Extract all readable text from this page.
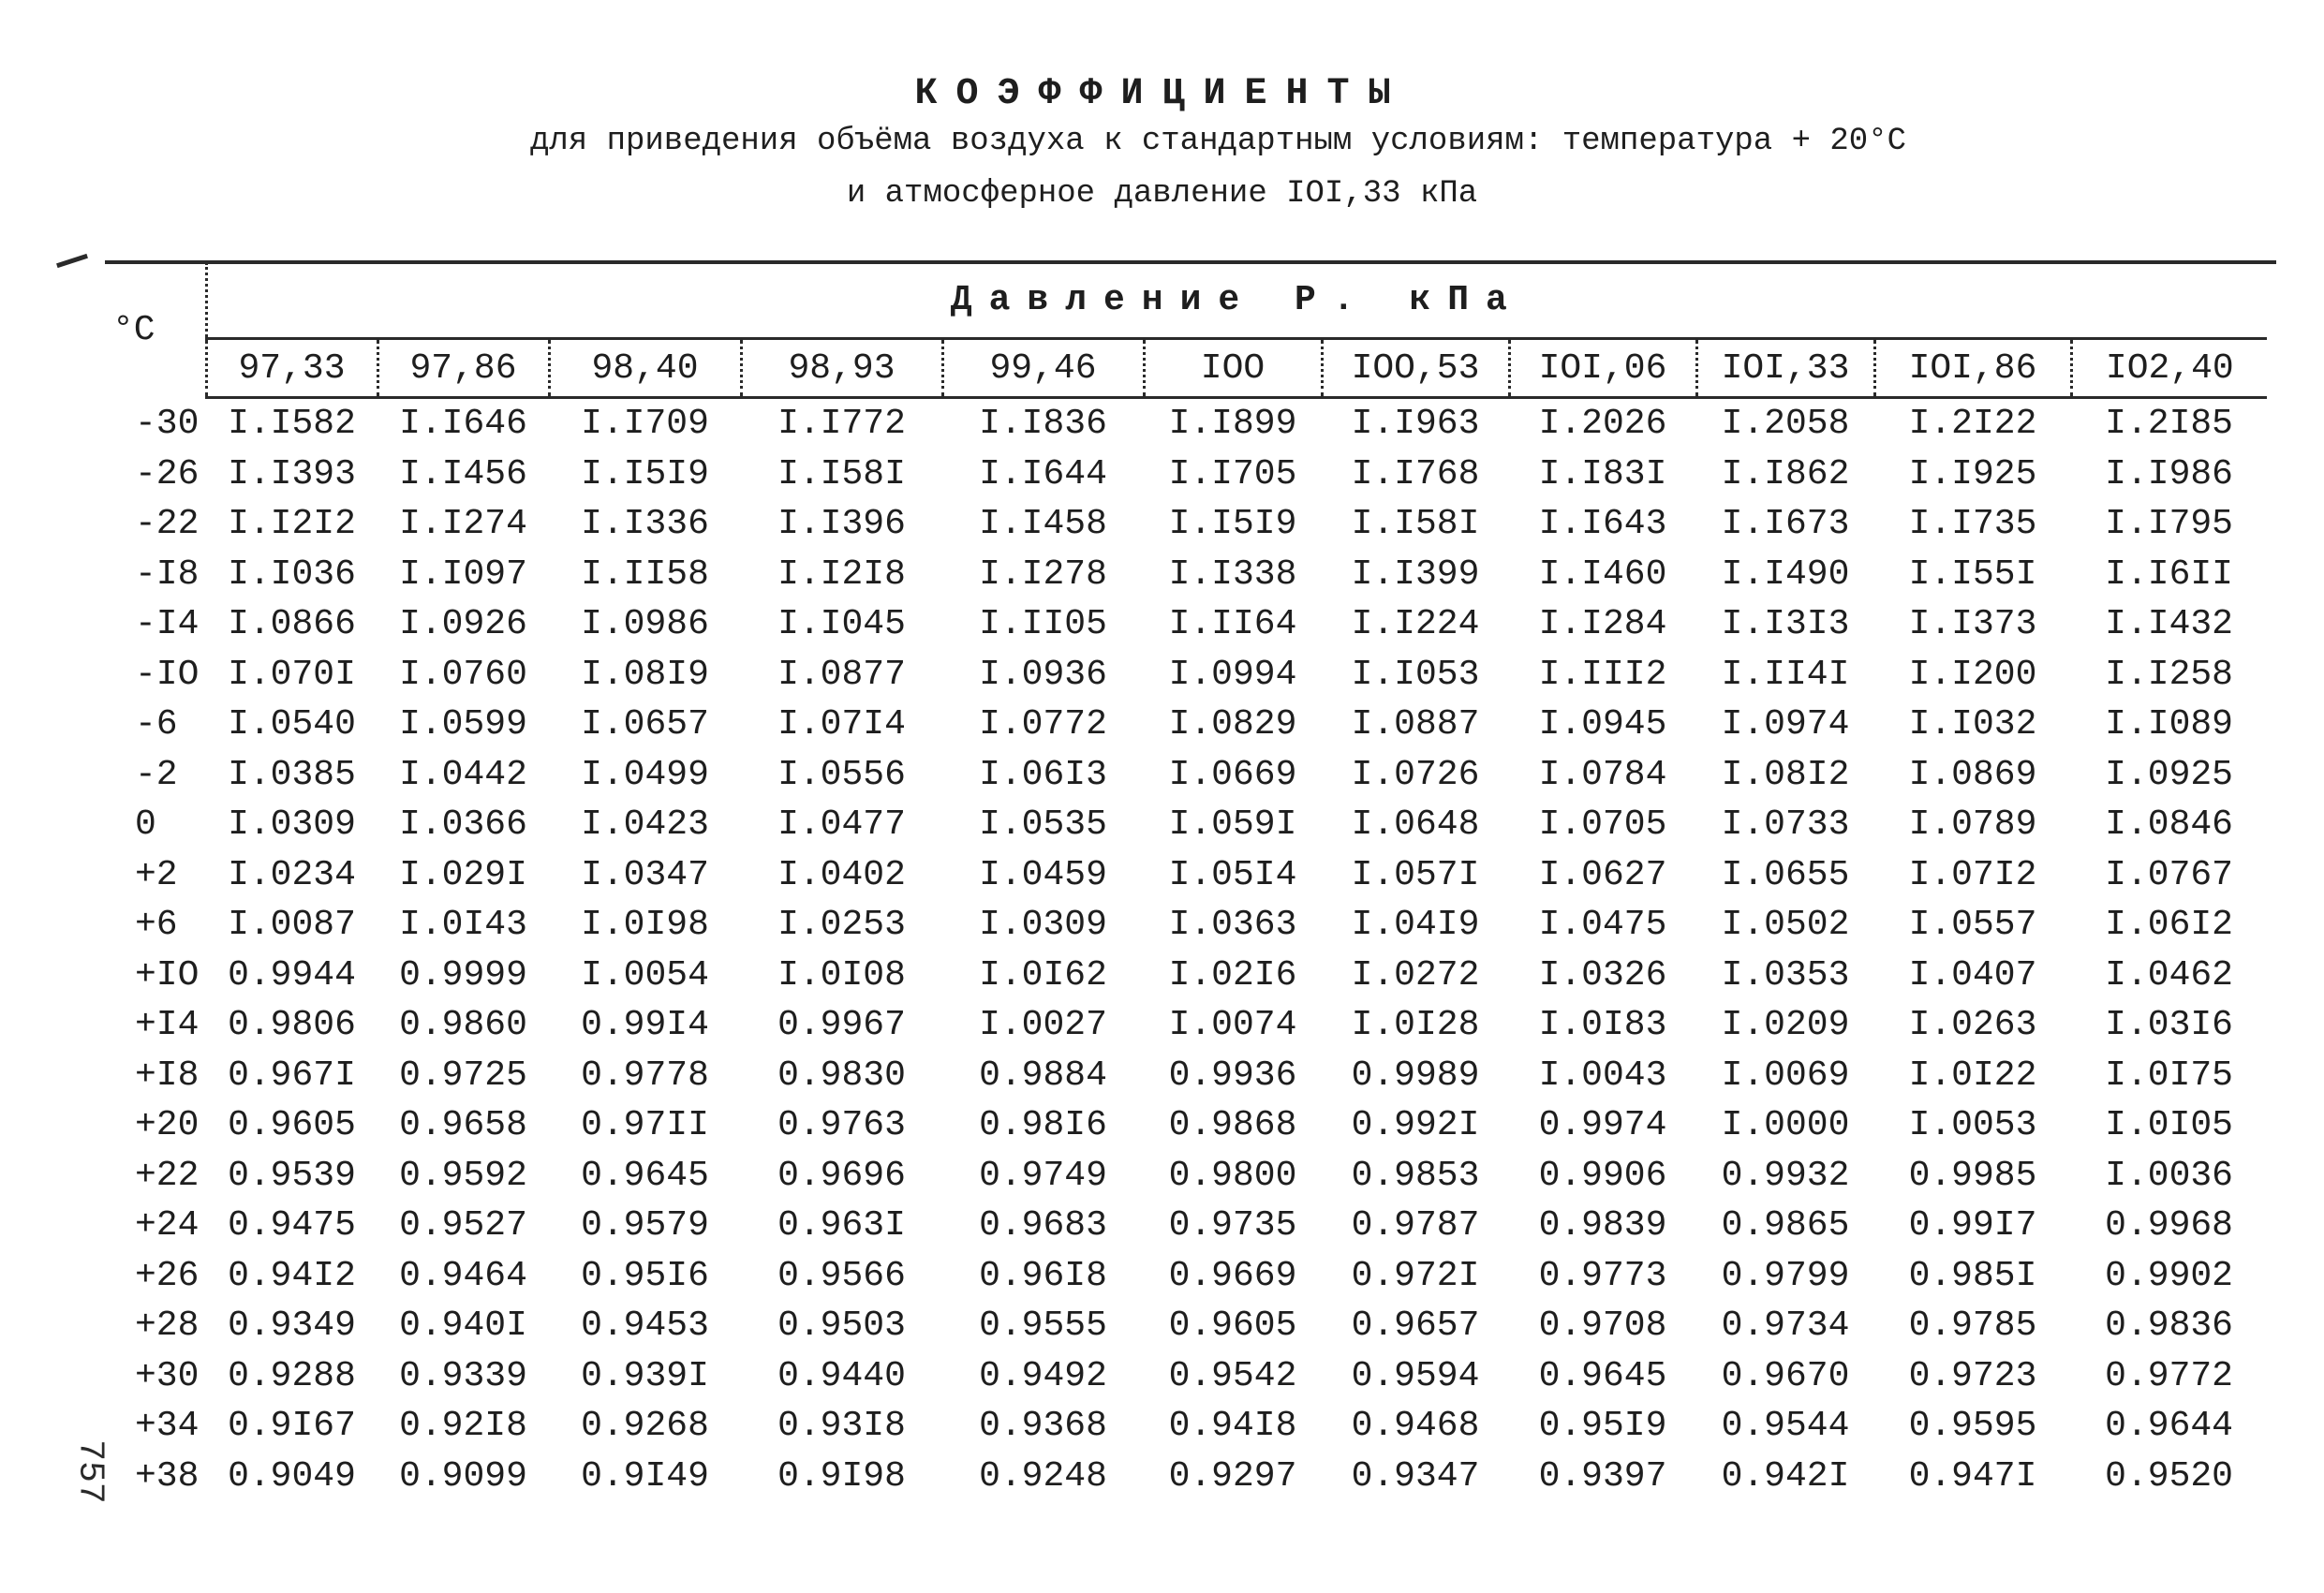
КОЭФФИЦИЕНТЫ
для приведения объёма воздуха к стандартным условиям: температура + 20°С
и атмосферное давление IOI,33 кПа
°С	Давление Р. кПа										
	97,33	97,86	98,40	98,93	99,46	IOO	IOO,53	IOI,06	IOI,33	IOI,86	IO2,40
-30	I.I582	I.I646	I.I709	I.I772	I.I836	I.I899	I.I963	I.2026	I.2058	I.2I22	I.2I85
-26	I.I393	I.I456	I.I5I9	I.I58I	I.I644	I.I705	I.I768	I.I83I	I.I862	I.I925	I.I986
-22	I.I2I2	I.I274	I.I336	I.I396	I.I458	I.I5I9	I.I58I	I.I643	I.I673	I.I735	I.I795
-I8	I.I036	I.I097	I.II58	I.I2I8	I.I278	I.I338	I.I399	I.I460	I.I490	I.I55I	I.I6II
-I4	I.0866	I.0926	I.0986	I.I045	I.II05	I.II64	I.I224	I.I284	I.I3I3	I.I373	I.I432
-IO	I.070I	I.0760	I.08I9	I.0877	I.0936	I.0994	I.I053	I.III2	I.II4I	I.I200	I.I258
-6	I.0540	I.0599	I.0657	I.07I4	I.0772	I.0829	I.0887	I.0945	I.0974	I.I032	I.I089
-2	I.0385	I.0442	I.0499	I.0556	I.06I3	I.0669	I.0726	I.0784	I.08I2	I.0869	I.0925
0	I.0309	I.0366	I.0423	I.0477	I.0535	I.059I	I.0648	I.0705	I.0733	I.0789	I.0846
+2	I.0234	I.029I	I.0347	I.0402	I.0459	I.05I4	I.057I	I.0627	I.0655	I.07I2	I.0767
+6	I.0087	I.0I43	I.0I98	I.0253	I.0309	I.0363	I.04I9	I.0475	I.0502	I.0557	I.06I2
+IO	0.9944	0.9999	I.0054	I.0I08	I.0I62	I.02I6	I.0272	I.0326	I.0353	I.0407	I.0462
+I4	0.9806	0.9860	0.99I4	0.9967	I.0027	I.0074	I.0I28	I.0I83	I.0209	I.0263	I.03I6
+I8	0.967I	0.9725	0.9778	0.9830	0.9884	0.9936	0.9989	I.0043	I.0069	I.0I22	I.0I75
+20	0.9605	0.9658	0.97II	0.9763	0.98I6	0.9868	0.992I	0.9974	I.0000	I.0053	I.0I05
+22	0.9539	0.9592	0.9645	0.9696	0.9749	0.9800	0.9853	0.9906	0.9932	0.9985	I.0036
+24	0.9475	0.9527	0.9579	0.963I	0.9683	0.9735	0.9787	0.9839	0.9865	0.99I7	0.9968
+26	0.94I2	0.9464	0.95I6	0.9566	0.96I8	0.9669	0.972I	0.9773	0.9799	0.985I	0.9902
+28	0.9349	0.940I	0.9453	0.9503	0.9555	0.9605	0.9657	0.9708	0.9734	0.9785	0.9836
+30	0.9288	0.9339	0.939I	0.9440	0.9492	0.9542	0.9594	0.9645	0.9670	0.9723	0.9772
+34	0.9I67	0.92I8	0.9268	0.93I8	0.9368	0.94I8	0.9468	0.95I9	0.9544	0.9595	0.9644
+38	0.9049	0.9099	0.9I49	0.9I98	0.9248	0.9297	0.9347	0.9397	0.942I	0.947I	0.9520
757
